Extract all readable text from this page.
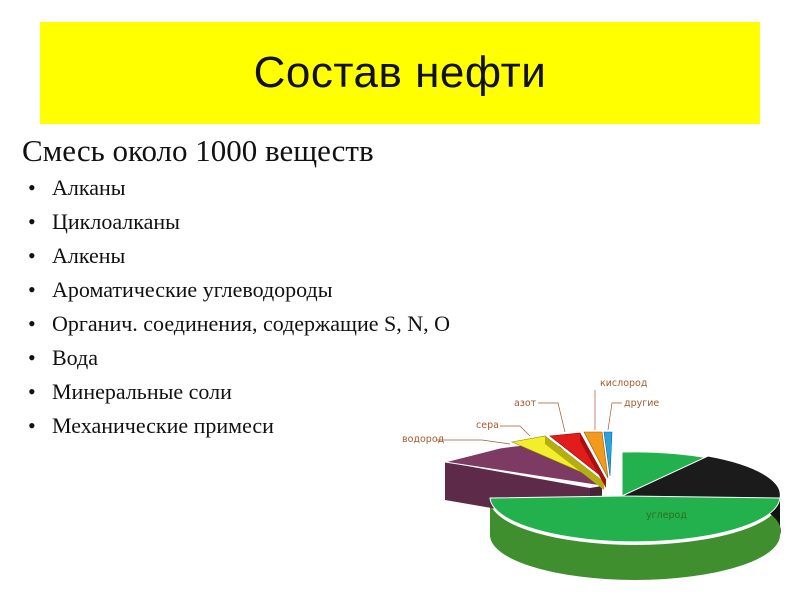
Состав нефти
Смесь около 1000 веществ
• Алканы
• Циклоалканы
• Алкены
• Ароматические углеводороды
• Органич. соединения, содержащие S, N, O
• Вода
• Минеральные соли
• Механические примеси
водород
сера
азот
кислород
другие
углерод
